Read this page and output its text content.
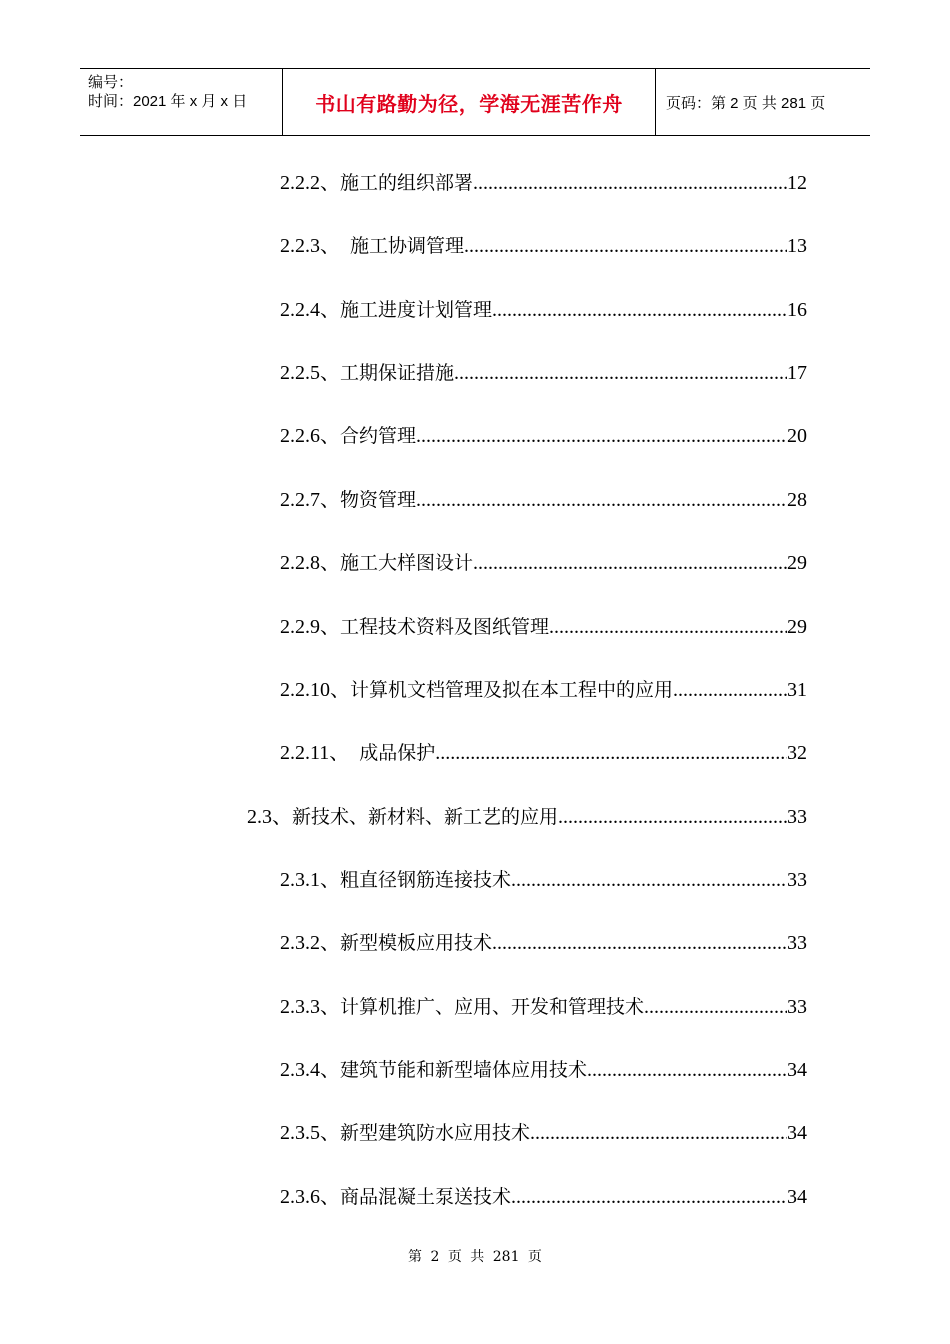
编号：
时间：2021 年 x 月 x 日	书山有路勤为径，学海无涯苦作舟	页码：第 2 页 共 281 页
2.2.2、 施工的组织部署 .....	12
2.2.3、 施工协调管理 .....	13
2.2.4、 施工进度计划管理 .....	16
2.2.5、 工期保证措施 .....	17
2.2.6、 合约管理 .....	20
2.2.7、 物资管理 .....	28
2.2.8、 施工大样图设计 .....	29
2.2.9、 工程技术资料及图纸管理 .....	29
2.2.10、 计算机文档管理及拟在本工程中的应用 .....	31
2.2.11、 成品保护 .....	32
2.3、 新技术、新材料、新工艺的应用 .....	33
2.3.1、 粗直径钢筋连接技术 .....	33
2.3.2、 新型模板应用技术 .....	33
2.3.3、 计算机推广、应用、开发和管理技术 .....	33
2.3.4、 建筑节能和新型墙体应用技术 .....	34
2.3.5、 新型建筑防水应用技术 .....	34
2.3.6、 商品混凝土泵送技术 .....	34
第 2 页 共 281 页
